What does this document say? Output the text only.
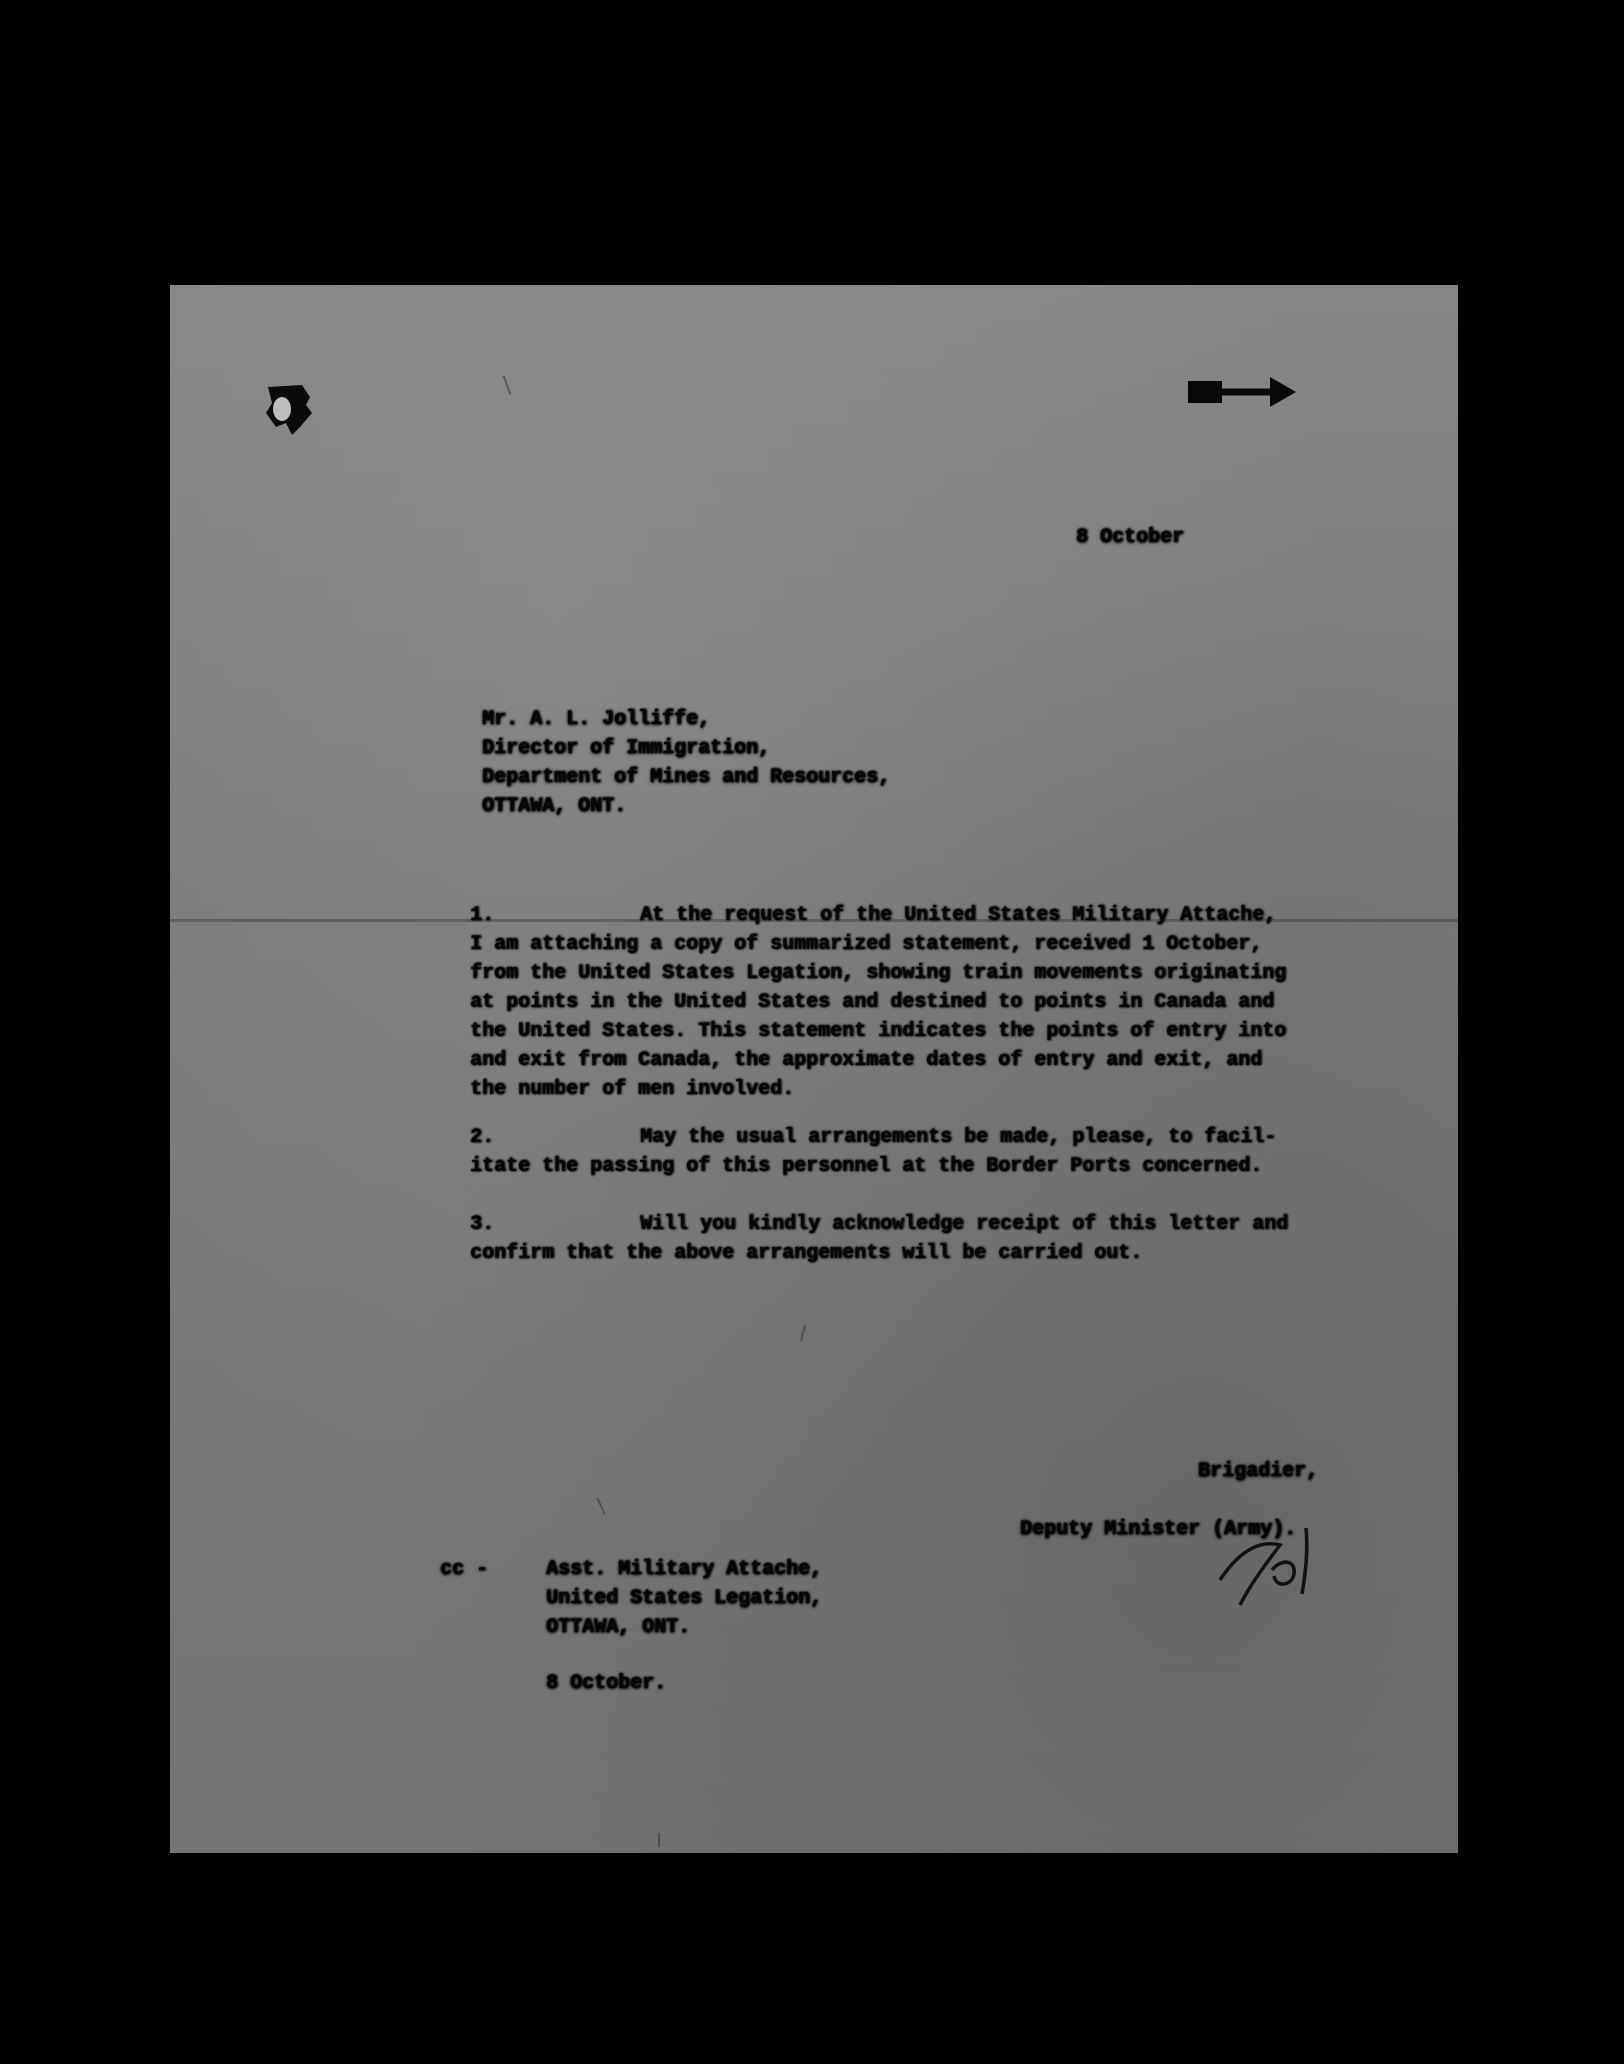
8 October

Mr. A. L. Jolliffe,

Director of Immigration,

Department of Mines and Resources,

OTTAWA, ONT.

1.	At the request of the United States Military Attache,
I am attaching a copy of summarized statement, received 1 October,
from the United States Legation, showing train movements originating
at points in the United States and destined to points in Canada and
the United States. This statement indicates the points of entry into
and exit from Canada, the approximate dates of entry and exit, and
the number of men involved.
2.	May the usual arrangements be made, please, to facil-
itate the passing of this personnel at the Border Ports concerned.
3.	Will you kindly acknowledge receipt of this letter and
confirm that the above arrangements will be carried out.

Brigadier,

Deputy Minister (Army).

cc -	Asst. Military Attache,

United States Legation,

OTTAWA, ONT.

8 October.
